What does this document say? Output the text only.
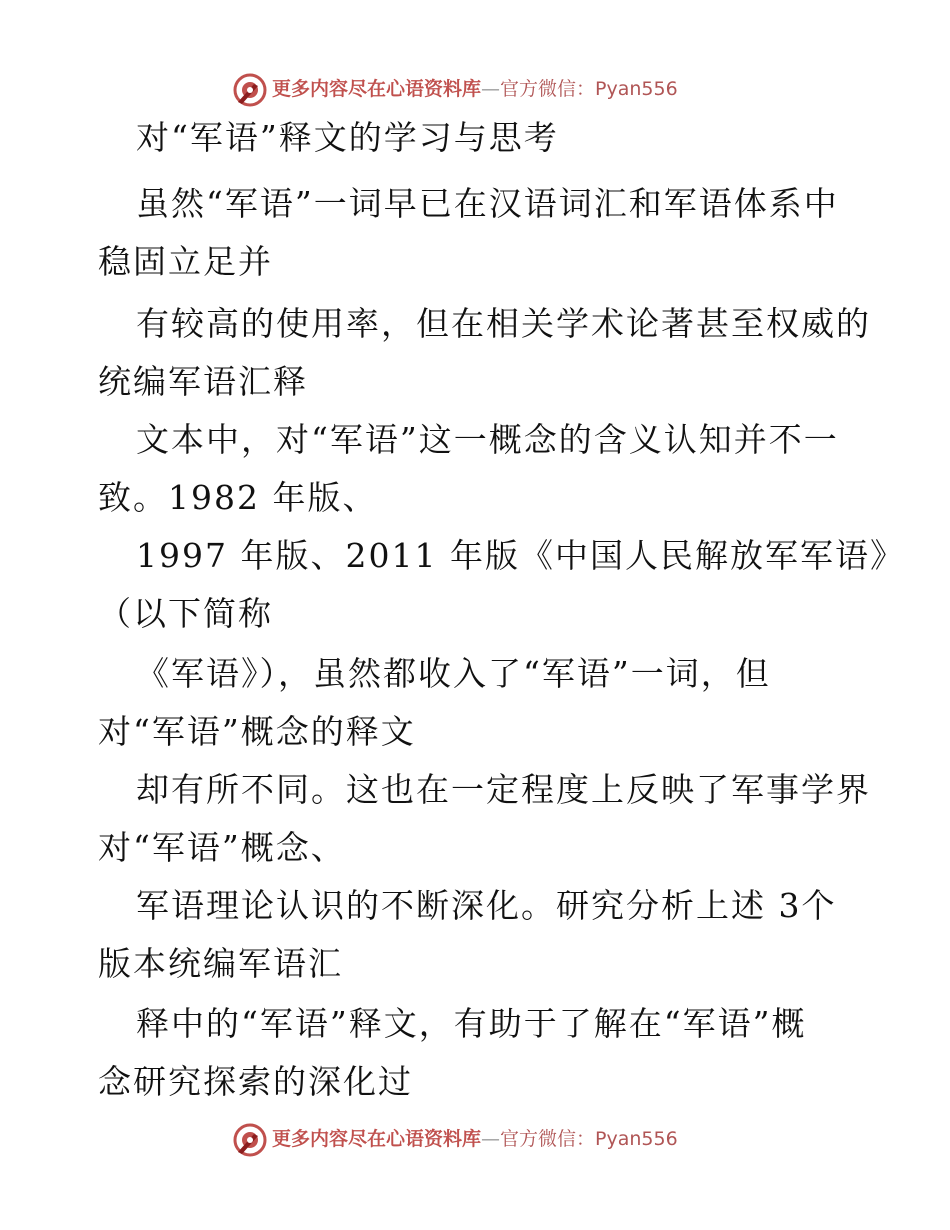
更多内容尽在心语资料库—官方微信：Pyan556
对“军语”释文的学习与思考
虽然“军语”一词早已在汉语词汇和军语体系中
稳固立足并
有较高的使用率，但在相关学术论著甚至权威的
统编军语汇释
文本中，对“军语”这一概念的含义认知并不一
致。1982 年版、
1997 年版、2011 年版《中国人民解放军军语》
（以下简称
《军语》），虽然都收入了“军语”一词，但
对“军语”概念的释文
却有所不同。这也在一定程度上反映了军事学界
对“军语”概念、
军语理论认识的不断深化。研究分析上述 3个
版本统编军语汇
释中的“军语”释文，有助于了解在“军语”概
念研究探索的深化过
更多内容尽在心语资料库—官方微信：Pyan556
